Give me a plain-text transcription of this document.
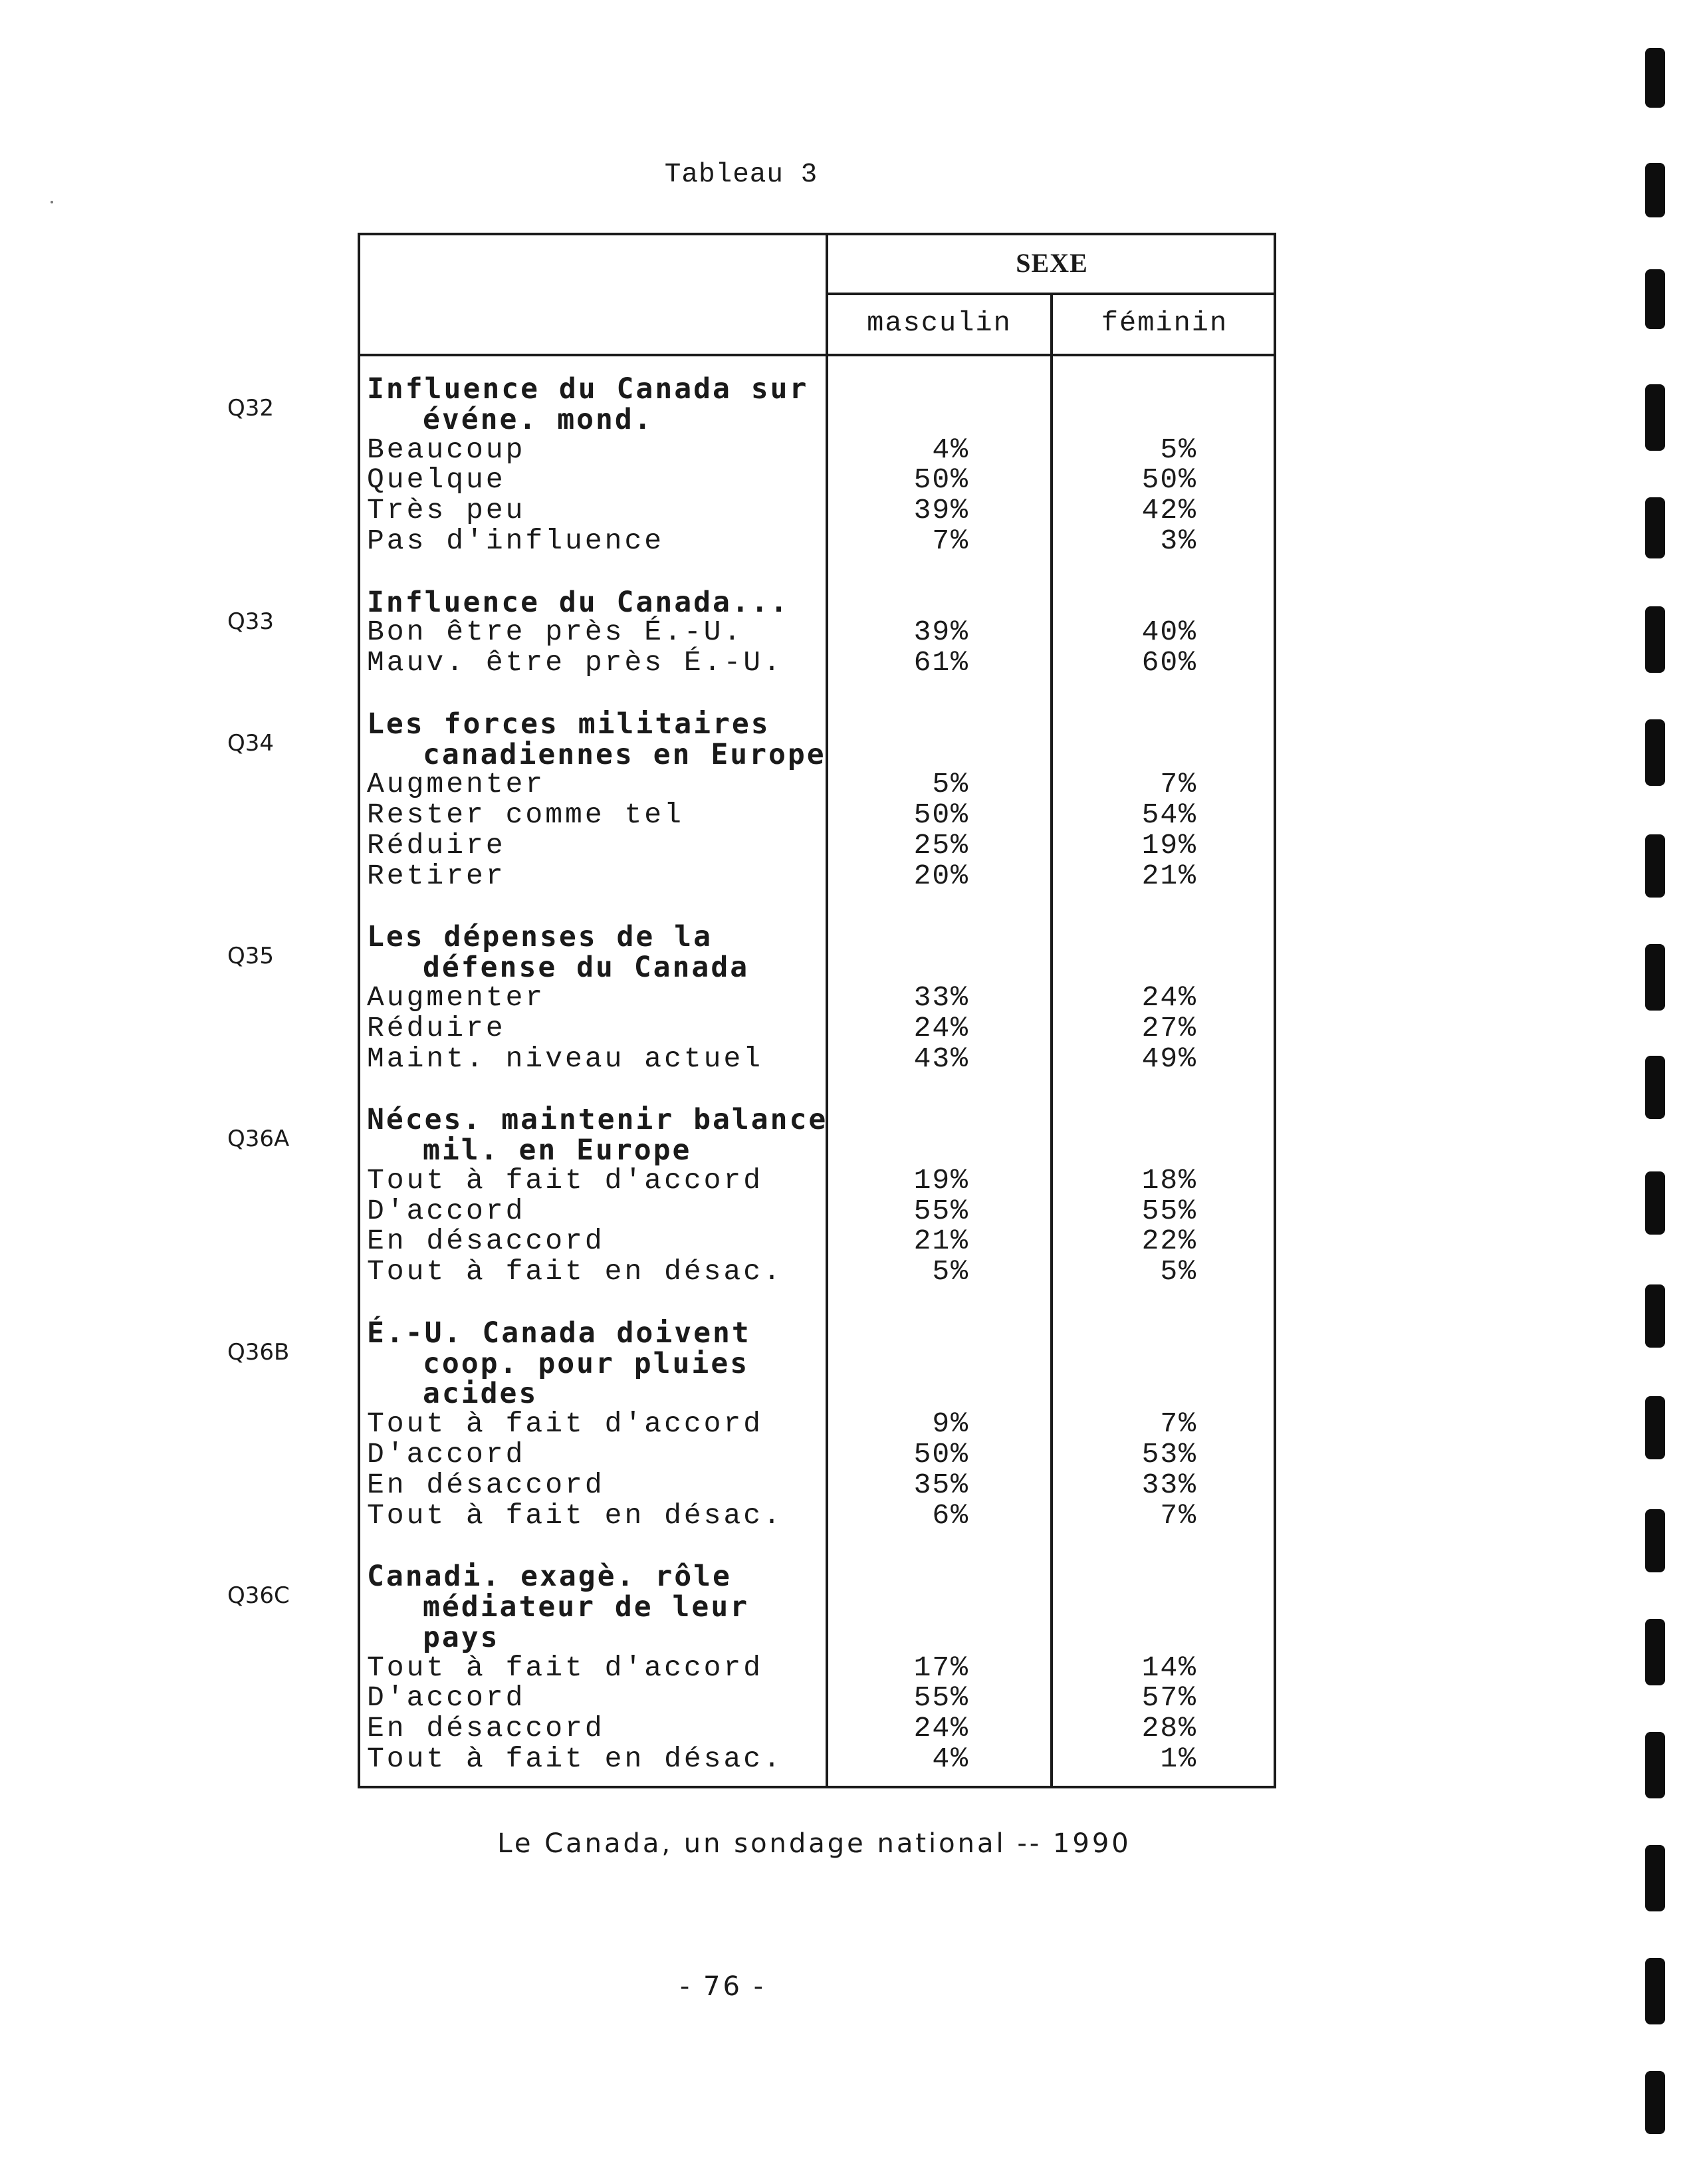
Tableau 3
SEXE
masculin	féminin
Q32
Influence du Canada sur
événe. mond.
Beaucoup	4%	5%
Quelque	50%	50%
Très peu	39%	42%
Pas d'influence	7%	3%
Q33
Influence du Canada...
Bon être près É.-U.	39%	40%
Mauv. être près É.-U.	61%	60%
Q34
Les forces militaires
canadiennes en Europe
Augmenter	5%	7%
Rester comme tel	50%	54%
Réduire	25%	19%
Retirer	20%	21%
Q35
Les dépenses de la
défense du Canada
Augmenter	33%	24%
Réduire	24%	27%
Maint. niveau actuel	43%	49%
Q36A
Néces. maintenir balance
mil. en Europe
Tout à fait d'accord	19%	18%
D'accord	55%	55%
En désaccord	21%	22%
Tout à fait en désac.	5%	5%
Q36B
É.-U. Canada doivent
coop. pour pluies
acides
Tout à fait d'accord	9%	7%
D'accord	50%	53%
En désaccord	35%	33%
Tout à fait en désac.	6%	7%
Q36C
Canadi. exagè. rôle
médiateur de leur
pays
Tout à fait d'accord	17%	14%
D'accord	55%	57%
En désaccord	24%	28%
Tout à fait en désac.	4%	1%
Le Canada, un sondage national -- 1990
- 76 -
